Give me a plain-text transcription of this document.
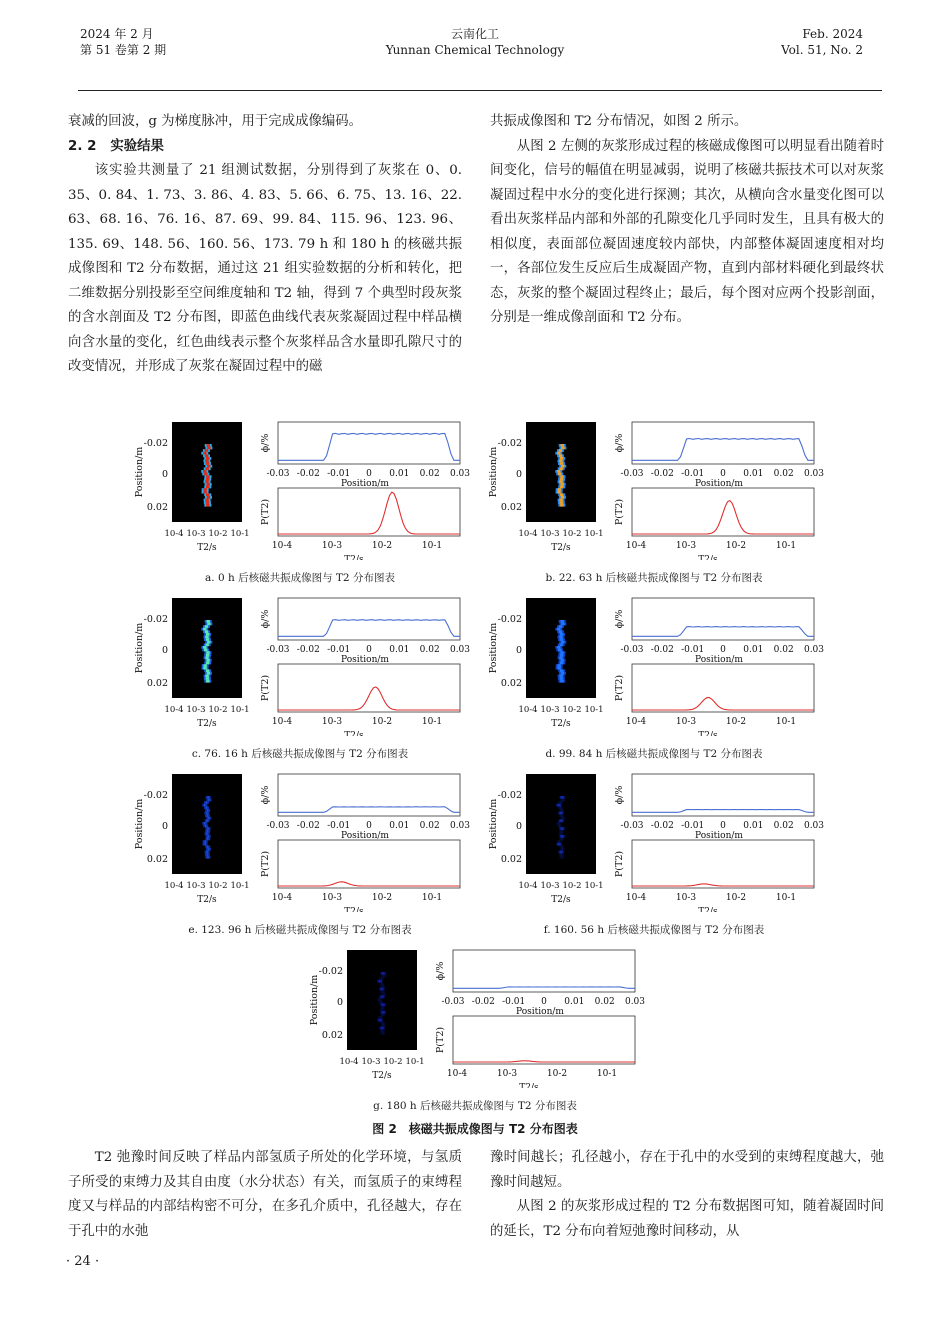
2024 年 2 月
第 51 卷第 2 期
云南化工
Yunnan Chemical Technology
Feb. 2024
Vol. 51, No. 2

衰减的回波，g 为梯度脉冲，用于完成成像编码。

2. 2 实验结果

该实验共测量了 21 组测试数据，分别得到了灰浆在 0、0. 35、0. 84、1. 73、3. 86、4. 83、5. 66、6. 75、13. 16、22. 63、68. 16、76. 16、87. 69、99. 84、115. 96、123. 96、135. 69、148. 56、160. 56、173. 79 h 和 180 h 的核磁共振成像图和 T2 分布数据，通过这 21 组实验数据的分析和转化，把二维数据分别投影至空间维度轴和 T2 轴，得到 7 个典型时段灰浆的含水剖面及 T2 分布图，即蓝色曲线代表灰浆凝固过程中样品横向含水量的变化，红色曲线表示整个灰浆样品含水量即孔隙尺寸的改变情况，并形成了灰浆在凝固过程中的磁

共振成像图和 T2 分布情况，如图 2 所示。

从图 2 左侧的灰浆形成过程的核磁成像图可以明显看出随着时间变化，信号的幅值在明显减弱，说明了核磁共振技术可以对灰浆凝固过程中水分的变化进行探测；其次，从横向含水量变化图可以看出灰浆样品内部和外部的孔隙变化几乎同时发生，且具有极大的相似度，表面部位凝固速度较内部快，内部整体凝固速度相对均一，各部位发生反应后生成凝固产物，直到内部材料硬化到最终状态，灰浆的整个凝固过程终止；最后，每个图对应两个投影剖面，分别是一维成像剖面和 T2 分布。

-0.02
0
0.02
Position/m
10-4 10-3 10-2 10-1
T2/s
ϕ/%
-0.03 -0.02 -0.01 0 0.01 0.02 0.03
Position/m
P(T2)
10-4	10-3	10-2	10-1
T2/s
a. 0 h 后核磁共振成像图与 T2 分布图表
-0.02
0
0.02
Position/m
10-4 10-3 10-2 10-1
T2/s
ϕ/%
-0.03 -0.02 -0.01 0 0.01 0.02 0.03
Position/m
P(T2)
10-4	10-3	10-2	10-1
T2/s
b. 22. 63 h 后核磁共振成像图与 T2 分布图表
-0.02
0
0.02
Position/m
10-4 10-3 10-2 10-1
T2/s
ϕ/%
-0.03 -0.02 -0.01 0 0.01 0.02 0.03
Position/m
P(T2)
10-4	10-3	10-2	10-1
T2/s
c. 76. 16 h 后核磁共振成像图与 T2 分布图表
-0.02
0
0.02
Position/m
10-4 10-3 10-2 10-1
T2/s
ϕ/%
-0.03 -0.02 -0.01 0 0.01 0.02 0.03
Position/m
P(T2)
10-4	10-3	10-2	10-1
T2/s
d. 99. 84 h 后核磁共振成像图与 T2 分布图表
-0.02
0
0.02
Position/m
10-4 10-3 10-2 10-1
T2/s
ϕ/%
-0.03 -0.02 -0.01 0 0.01 0.02 0.03
Position/m
P(T2)
10-4	10-3	10-2	10-1
T2/s
e. 123. 96 h 后核磁共振成像图与 T2 分布图表
-0.02
0
0.02
Position/m
10-4 10-3 10-2 10-1
T2/s
ϕ/%
-0.03 -0.02 -0.01 0 0.01 0.02 0.03
Position/m
P(T2)
10-4	10-3	10-2	10-1
T2/s
f. 160. 56 h 后核磁共振成像图与 T2 分布图表
-0.02
0
0.02
Position/m
10-4 10-3 10-2 10-1
T2/s
ϕ/%
-0.03 -0.02 -0.01 0 0.01 0.02 0.03
Position/m
P(T2)
10-4	10-3	10-2	10-1
T2/s
g. 180 h 后核磁共振成像图与 T2 分布图表
图 2　核磁共振成像图与 T2 分布图表

T2 弛豫时间反映了样品内部氢质子所处的化学环境，与氢质子所受的束缚力及其自由度（水分状态）有关，而氢质子的束缚程度又与样品的内部结构密不可分，在多孔介质中，孔径越大，存在于孔中的水弛

豫时间越长；孔径越小，存在于孔中的水受到的束缚程度越大，弛豫时间越短。

从图 2 的灰浆形成过程的 T2 分布数据图可知，随着凝固时间的延长，T2 分布向着短弛豫时间移动，从

· 24 ·
